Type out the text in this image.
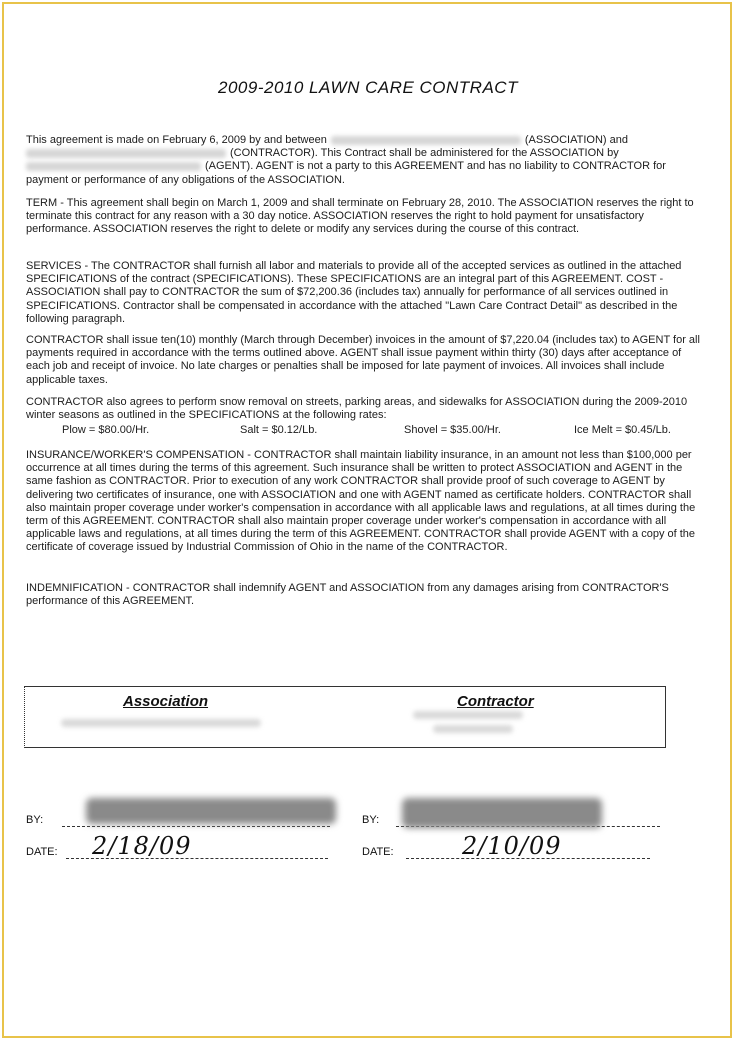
2009-2010 LAWN CARE CONTRACT
This agreement is made on February 6, 2009 by and between	(ASSOCIATION) and
(CONTRACTOR). This Contract shall be administered for the ASSOCIATION by
(AGENT). AGENT is not a party to this AGREEMENT and has no liability to CONTRACTOR for payment or performance of any obligations of the ASSOCIATION.
TERM - This agreement shall begin on March 1, 2009 and shall terminate on February 28, 2010. The ASSOCIATION reserves the right to terminate this contract for any reason with a 30 day notice. ASSOCIATION reserves the right to hold payment for unsatisfactory performance. ASSOCIATION reserves the right to delete or modify any services during the course of this contract.
SERVICES - The CONTRACTOR shall furnish all labor and materials to provide all of the accepted services as outlined in the attached SPECIFICATIONS of the contract (SPECIFICATIONS). These SPECIFICATIONS are an integral part of this AGREEMENT. COST - ASSOCIATION shall pay to CONTRACTOR the sum of $72,200.36 (includes tax) annually for performance of all services outlined in SPECIFICATIONS. Contractor shall be compensated in accordance with the attached "Lawn Care Contract Detail" as described in the following paragraph.
CONTRACTOR shall issue ten(10) monthly (March through December) invoices in the amount of $7,220.04 (includes tax) to AGENT for all payments required in accordance with the terms outlined above. AGENT shall issue payment within thirty (30) days after acceptance of each job and receipt of invoice. No late charges or penalties shall be imposed for late payment of invoices. All invoices shall include applicable taxes.
CONTRACTOR also agrees to perform snow removal on streets, parking areas, and sidewalks for ASSOCIATION during the 2009-2010 winter seasons as outlined in the SPECIFICATIONS at the following rates:
Plow = $80.00/Hr.	Salt = $0.12/Lb.	Shovel = $35.00/Hr.	Ice Melt = $0.45/Lb.
INSURANCE/WORKER'S COMPENSATION - CONTRACTOR shall maintain liability insurance, in an amount not less than $100,000 per occurrence at all times during the terms of this agreement. Such insurance shall be written to protect ASSOCIATION and AGENT in the same fashion as CONTRACTOR. Prior to execution of any work CONTRACTOR shall provide proof of such coverage to AGENT by delivering two certificates of insurance, one with ASSOCIATION and one with AGENT named as certificate holders. CONTRACTOR shall also maintain proper coverage under worker's compensation in accordance with all applicable laws and regulations, at all times during the term of this AGREEMENT. CONTRACTOR shall also maintain proper coverage under worker's compensation in accordance with all applicable laws and regulations, at all times during the term of this AGREEMENT. CONTRACTOR shall provide AGENT with a copy of the certificate of coverage issued by Industrial Commission of Ohio in the name of the CONTRACTOR.
INDEMNIFICATION - CONTRACTOR shall indemnify AGENT and ASSOCIATION from any damages arising from CONTRACTOR'S performance of this AGREEMENT.
Association	Contractor
BY:	BY:
DATE: 2/18/09	DATE:	2/10/09
